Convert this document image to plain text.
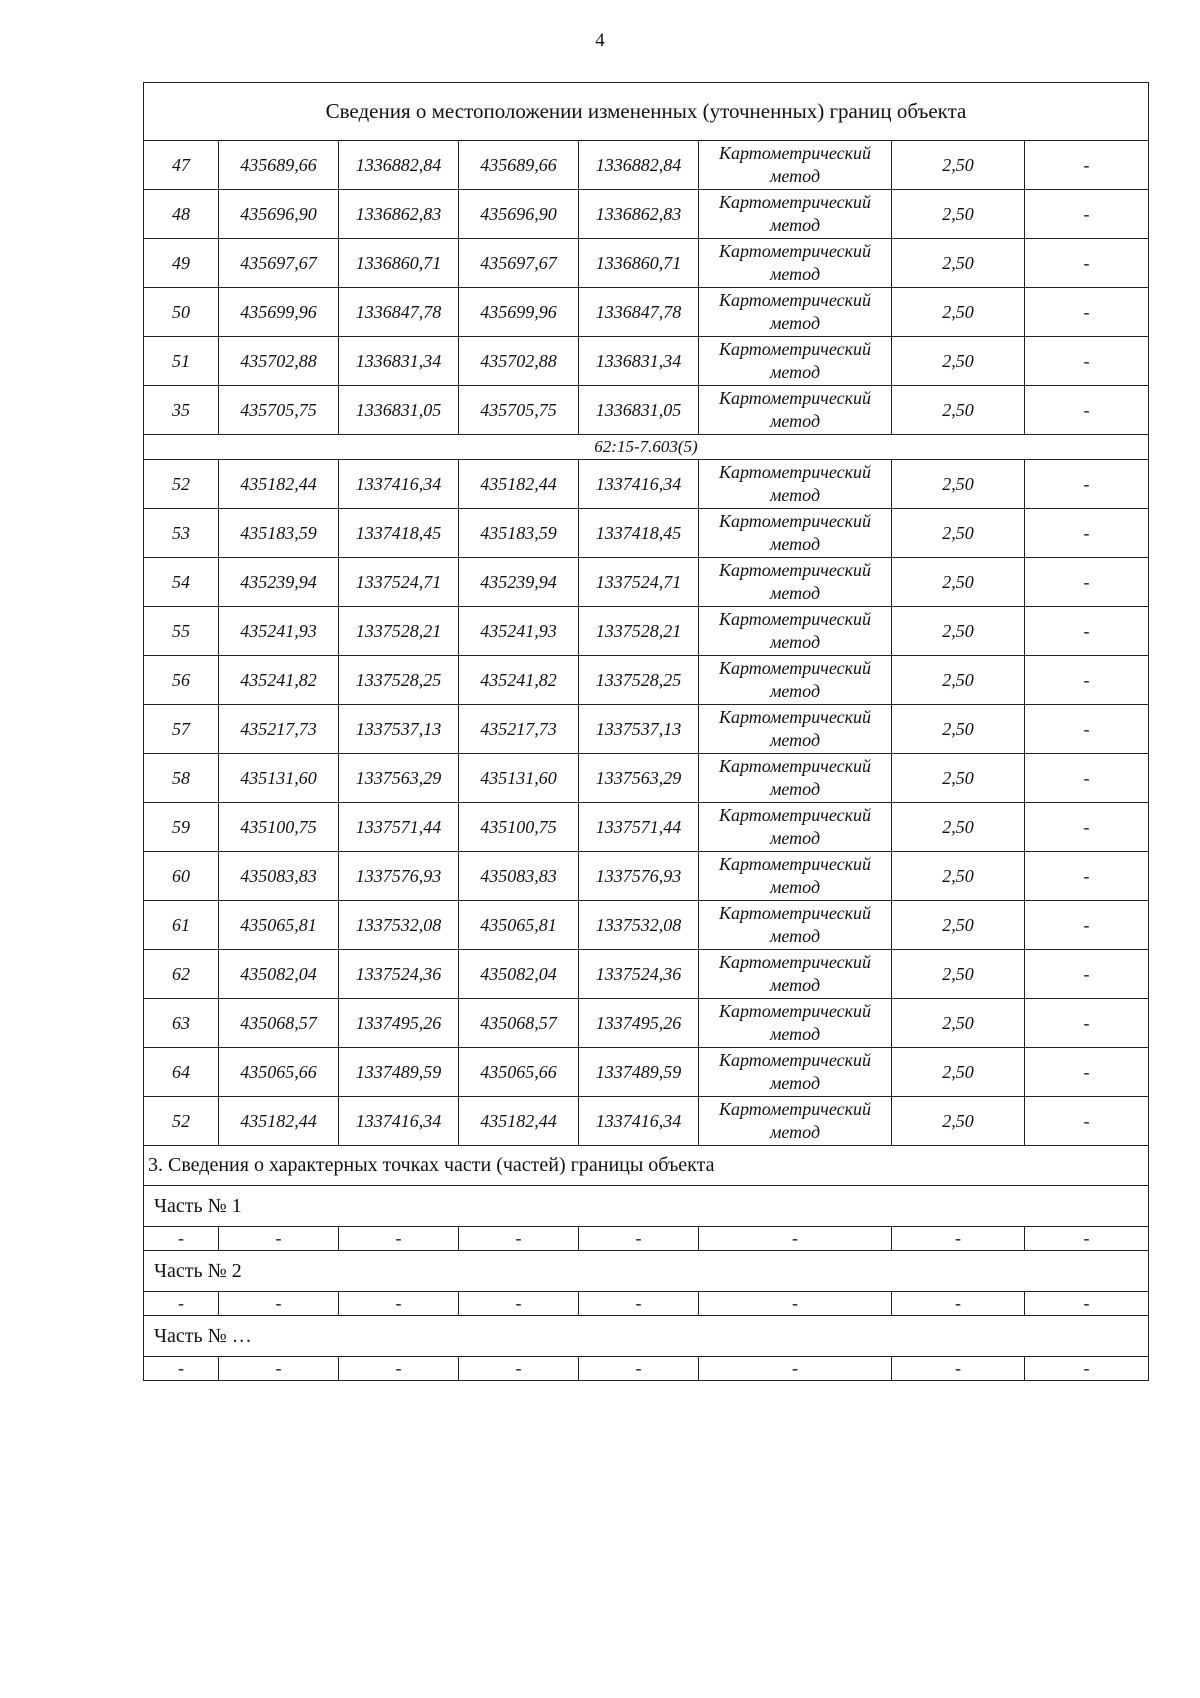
4
Сведения о местоположении измененных (уточненных) границ объекта							
47	435689,66	1336882,84	435689,66	1336882,84	Картометрический метод	2,50	-
48	435696,90	1336862,83	435696,90	1336862,83	Картометрический метод	2,50	-
49	435697,67	1336860,71	435697,67	1336860,71	Картометрический метод	2,50	-
50	435699,96	1336847,78	435699,96	1336847,78	Картометрический метод	2,50	-
51	435702,88	1336831,34	435702,88	1336831,34	Картометрический метод	2,50	-
35	435705,75	1336831,05	435705,75	1336831,05	Картометрический метод	2,50	-
62:15-7.603(5)							
52	435182,44	1337416,34	435182,44	1337416,34	Картометрический метод	2,50	-
53	435183,59	1337418,45	435183,59	1337418,45	Картометрический метод	2,50	-
54	435239,94	1337524,71	435239,94	1337524,71	Картометрический метод	2,50	-
55	435241,93	1337528,21	435241,93	1337528,21	Картометрический метод	2,50	-
56	435241,82	1337528,25	435241,82	1337528,25	Картометрический метод	2,50	-
57	435217,73	1337537,13	435217,73	1337537,13	Картометрический метод	2,50	-
58	435131,60	1337563,29	435131,60	1337563,29	Картометрический метод	2,50	-
59	435100,75	1337571,44	435100,75	1337571,44	Картометрический метод	2,50	-
60	435083,83	1337576,93	435083,83	1337576,93	Картометрический метод	2,50	-
61	435065,81	1337532,08	435065,81	1337532,08	Картометрический метод	2,50	-
62	435082,04	1337524,36	435082,04	1337524,36	Картометрический метод	2,50	-
63	435068,57	1337495,26	435068,57	1337495,26	Картометрический метод	2,50	-
64	435065,66	1337489,59	435065,66	1337489,59	Картометрический метод	2,50	-
52	435182,44	1337416,34	435182,44	1337416,34	Картометрический метод	2,50	-
3. Сведения о характерных точках части (частей) границы объекта							
Часть № 1							
-	-	-	-	-	-	-	-
Часть № 2							
-	-	-	-	-	-	-	-
Часть № …							
-	-	-	-	-	-	-	-
